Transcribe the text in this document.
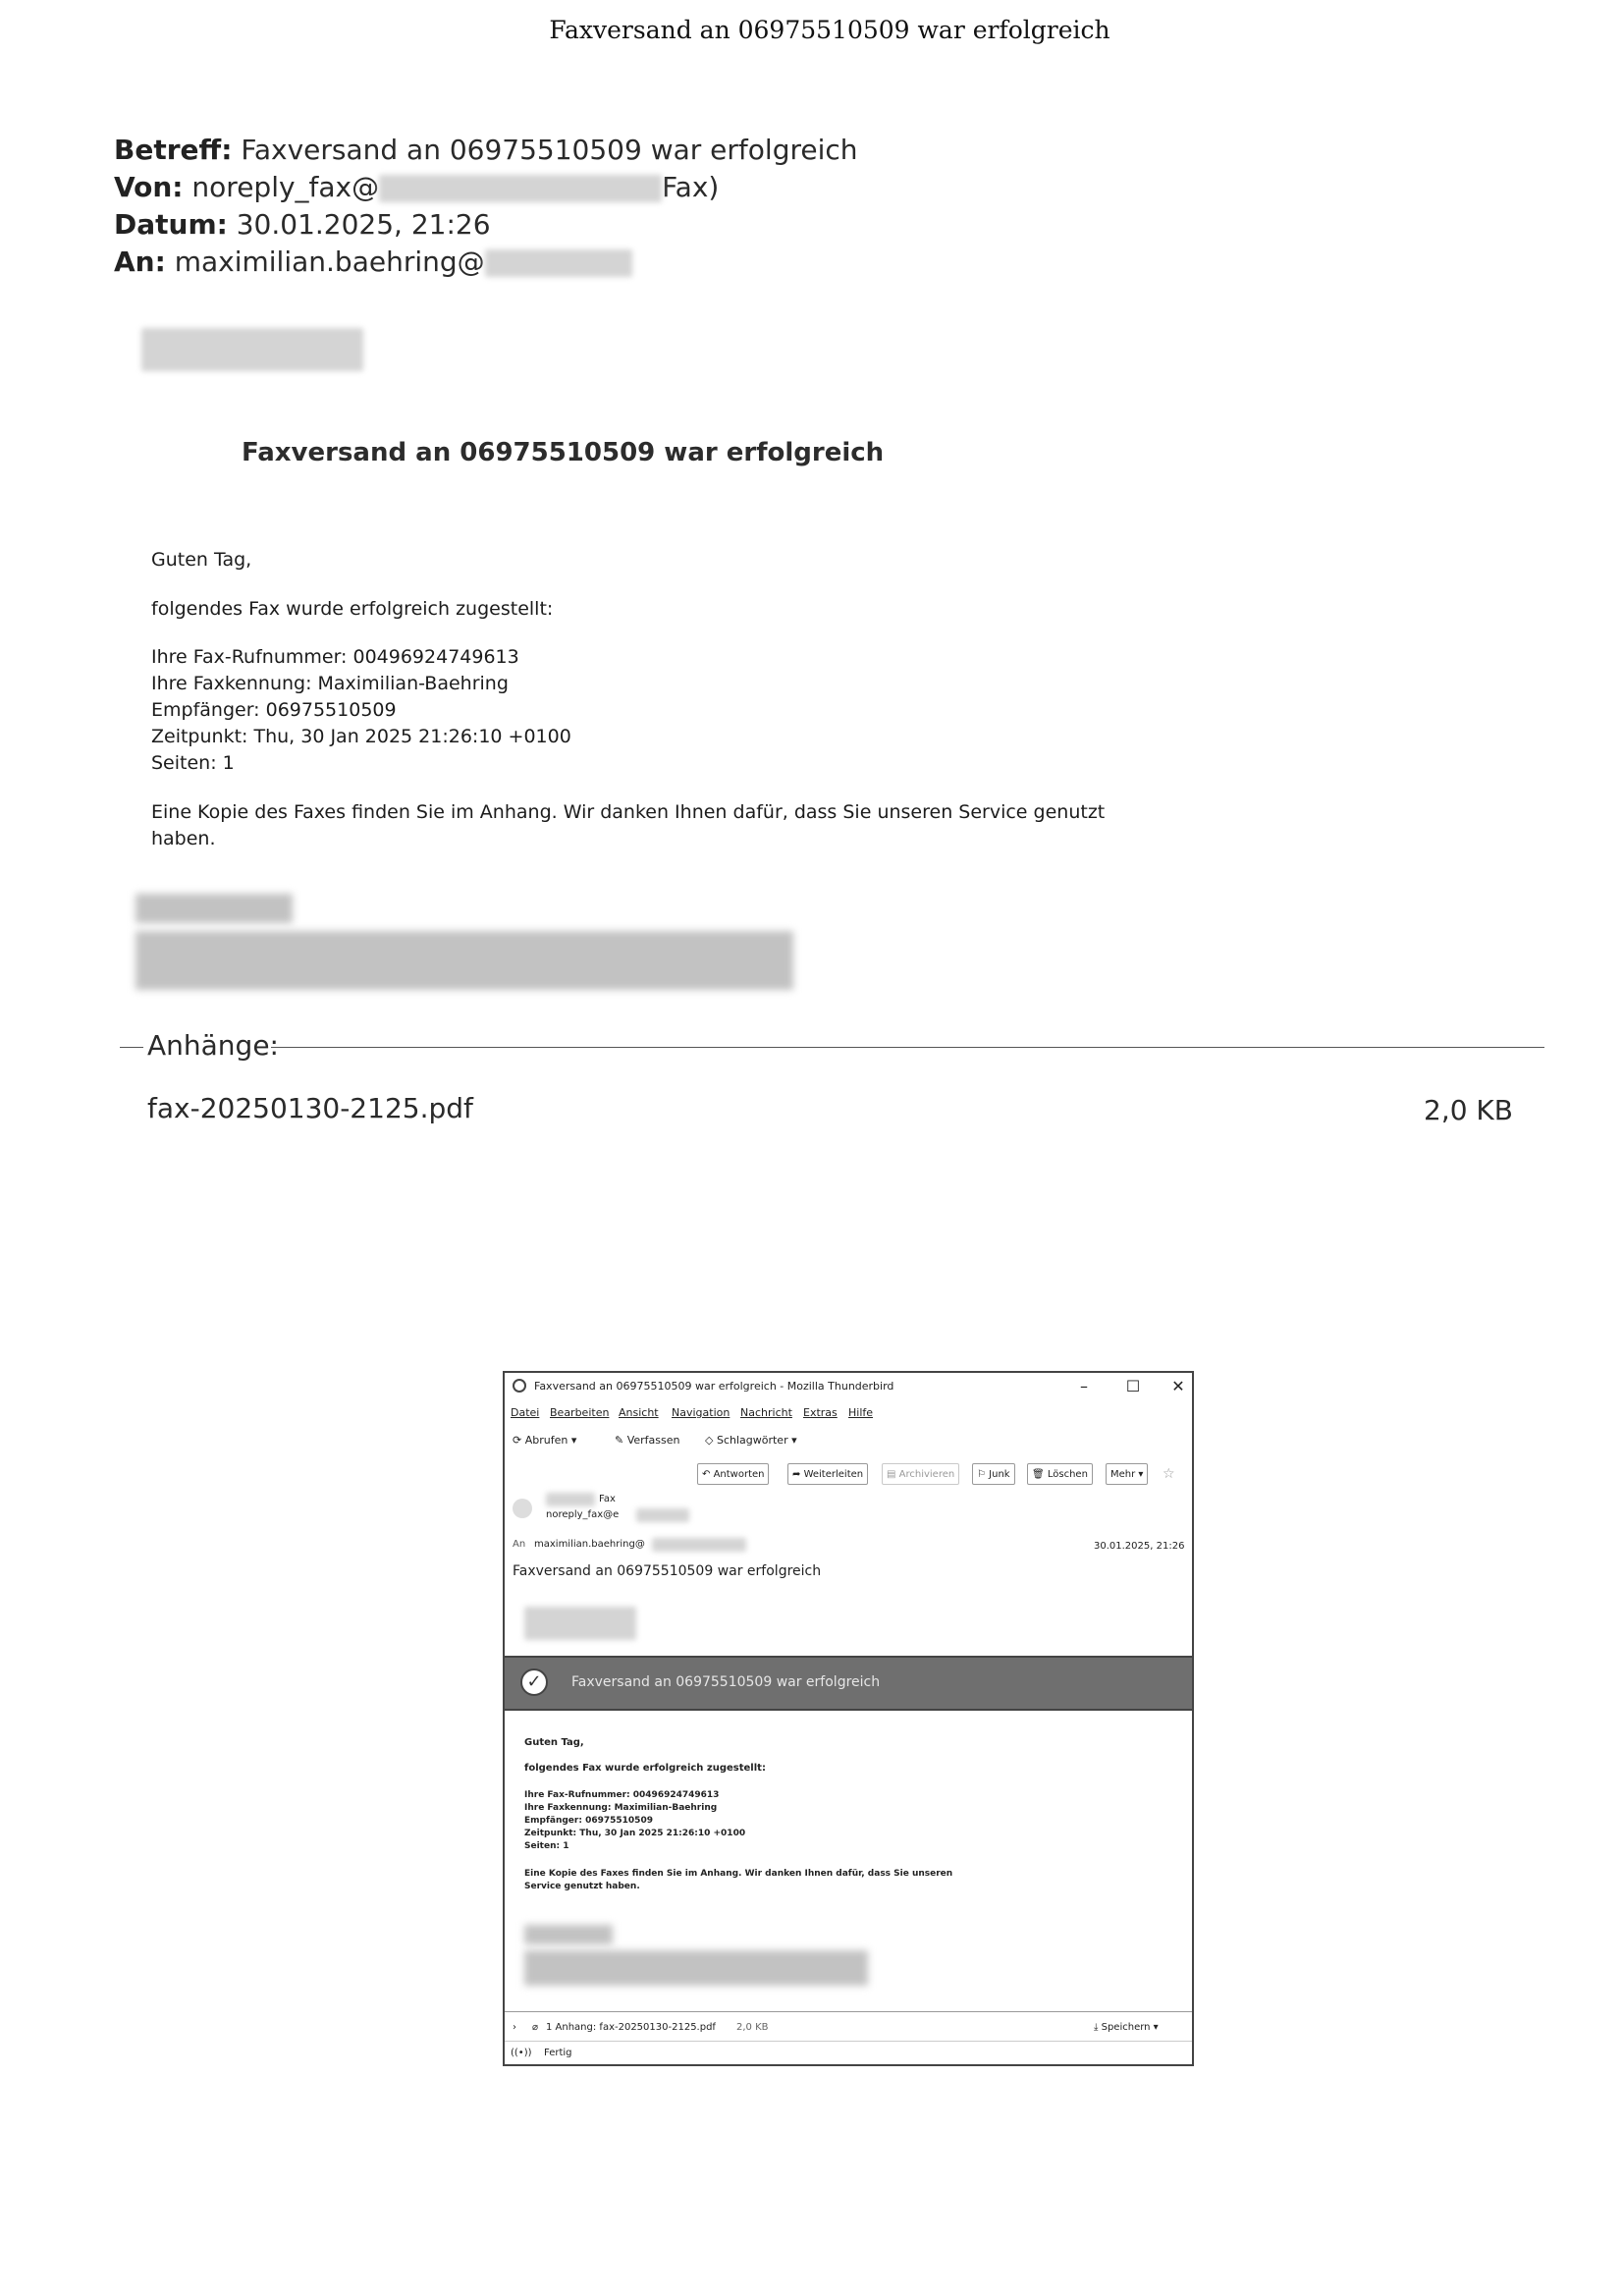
Faxversand an 06975510509 war erfolgreich
Betreff: Faxversand an 06975510509 war erfolgreich
Von: noreply_fax@	Fax)
Datum: 30.01.2025, 21:26
An: maximilian.baehring@
Faxversand an 06975510509 war erfolgreich
Guten Tag,
folgendes Fax wurde erfolgreich zugestellt:
Ihre Fax-Rufnummer: 00496924749613
Ihre Faxkennung: Maximilian-Baehring
Empfänger: 06975510509
Zeitpunkt: Thu, 30 Jan 2025 21:26:10 +0100
Seiten: 1
Eine Kopie des Faxes finden Sie im Anhang. Wir danken Ihnen dafür, dass Sie unseren Service genutzt
haben.
Anhänge:
fax-20250130-2125.pdf	2,0 KB
Faxversand an 06975510509 war erfolgreich - Mozilla Thunderbird	–	☐	✕
Datei Bearbeiten Ansicht Navigation Nachricht Extras Hilfe
⟳ Abrufen ▾	✎ Verfassen ◇ Schlagwörter ▾
↶ Antworten	➦ Weiterleiten	▤ Archivieren	⚐ Junk	🗑 Löschen	Mehr ▾	☆
Fax
noreply_fax@e
An maximilian.baehring@	30.01.2025, 21:26
Faxversand an 06975510509 war erfolgreich
✓	Faxversand an 06975510509 war erfolgreich
Guten Tag,
folgendes Fax wurde erfolgreich zugestellt:
Ihre Fax-Rufnummer: 00496924749613
Ihre Faxkennung: Maximilian-Baehring
Empfänger: 06975510509
Zeitpunkt: Thu, 30 Jan 2025 21:26:10 +0100
Seiten: 1
Eine Kopie des Faxes finden Sie im Anhang. Wir danken Ihnen dafür, dass Sie unseren
Service genutzt haben.
› ⌀ 1 Anhang: fax-20250130-2125.pdf 2,0 KB	⤓ Speichern ▾
((•)) Fertig
